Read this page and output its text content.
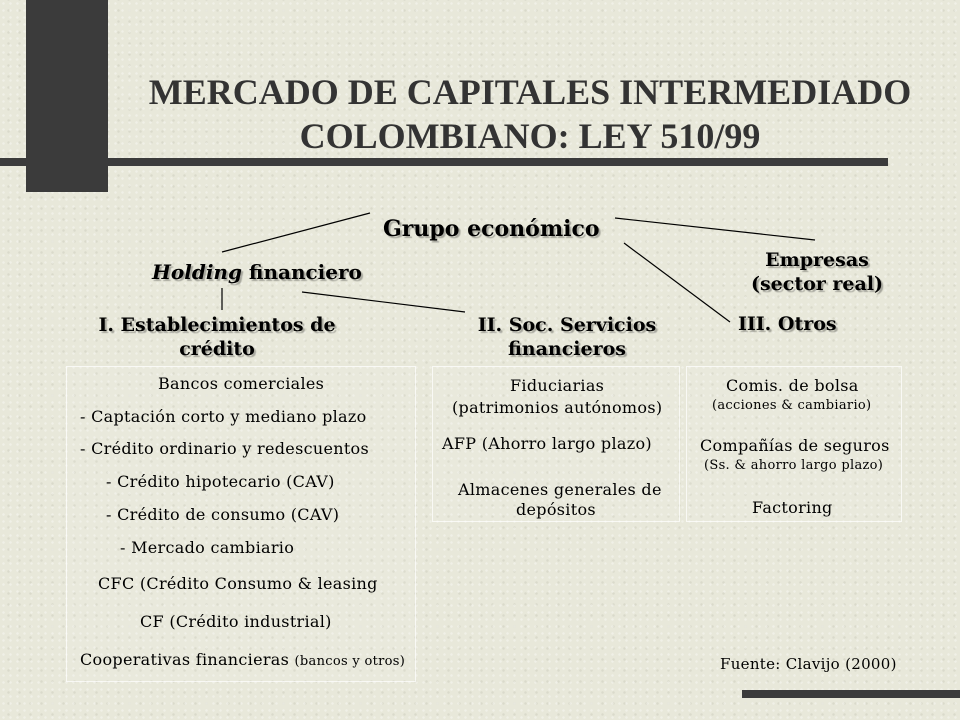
MERCADO DE CAPITALES INTERMEDIADO
COLOMBIANO: LEY 510/99
Grupo económico
Holding financiero	Empresas
(sector real)
I. Establecimientos de
crédito
II. Soc. Servicios
financieros
III. Otros
Bancos comerciales
- Captación corto y mediano plazo
- Crédito ordinario y redescuentos
- Crédito hipotecario (CAV)
- Crédito de consumo (CAV)
- Mercado cambiario
CFC (Crédito Consumo & leasing
CF (Crédito industrial)
Cooperativas financieras (bancos y otros)
Fiduciarias
(patrimonios autónomos)
AFP (Ahorro largo plazo)
Almacenes generales de
depósitos
Comis. de bolsa
(acciones & cambiario)
Compañías de seguros
(Ss. & ahorro largo plazo)
Factoring
Fuente: Clavijo (2000)
